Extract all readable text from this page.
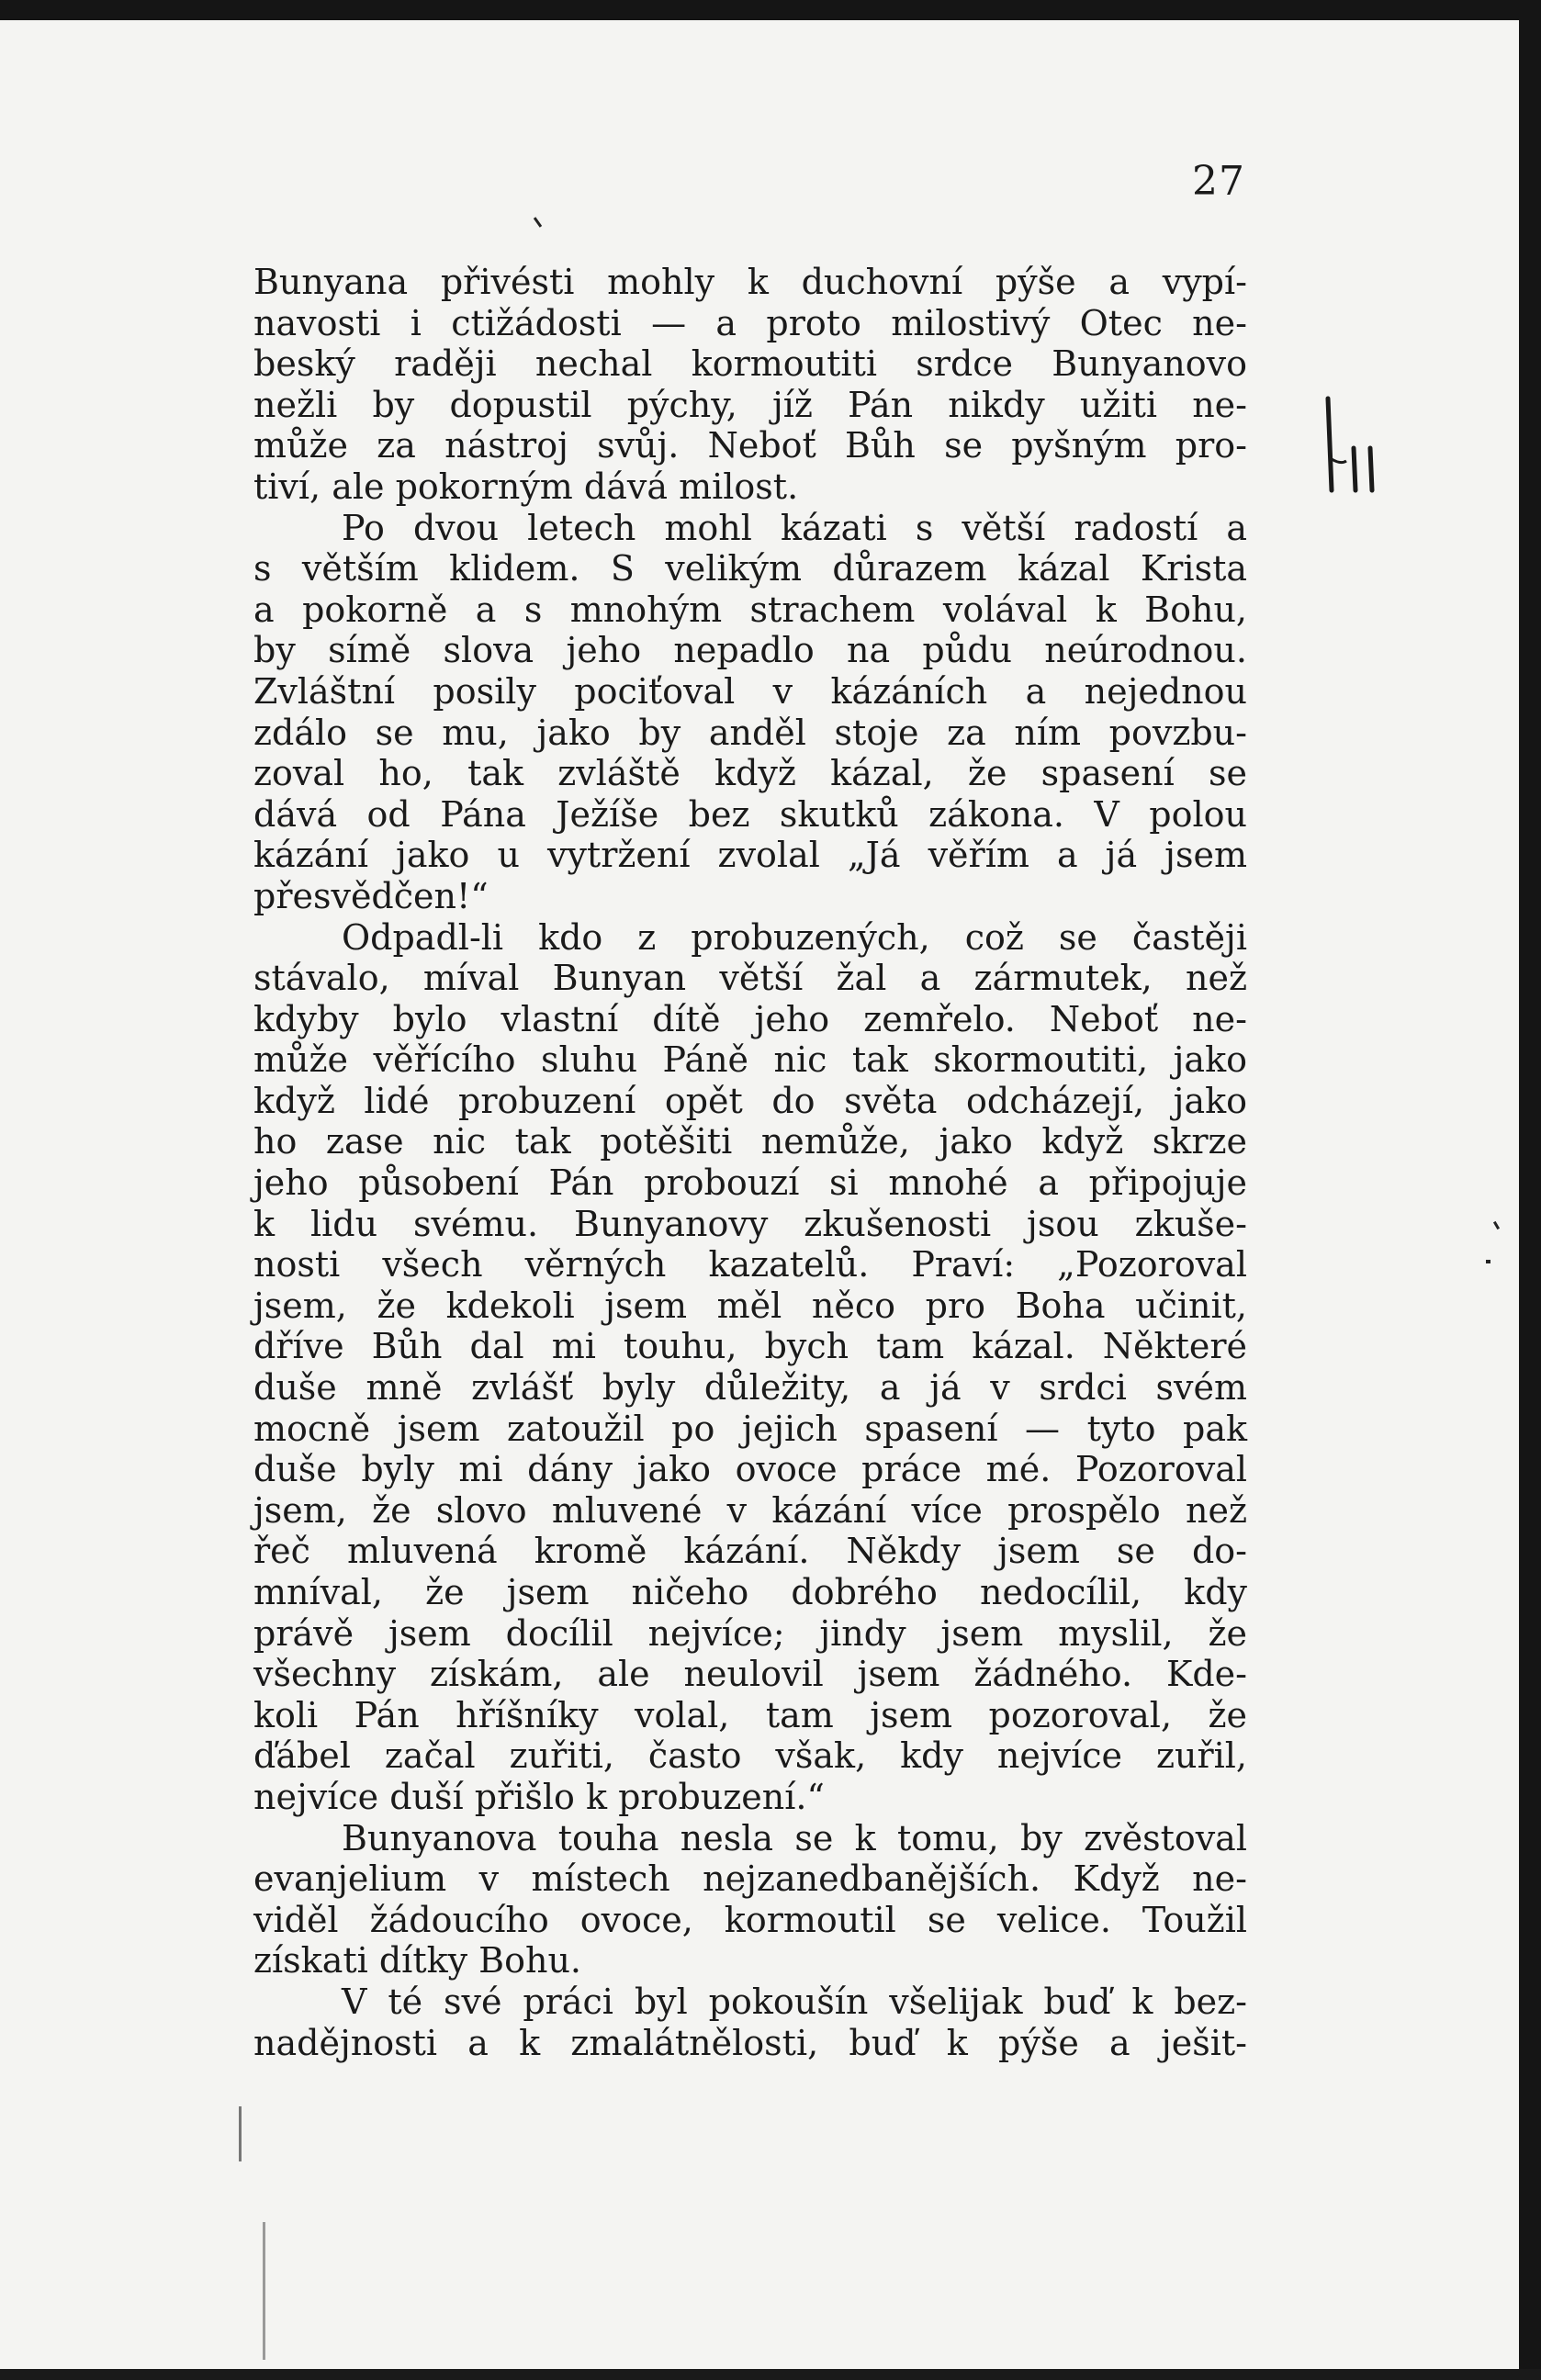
27
Bunyana přivésti mohly k duchovní pýše a vypí-
navosti i ctižádosti — a proto milostivý Otec ne-
beský raději nechal kormoutiti srdce Bunyanovo
nežli by dopustil pýchy, jíž Pán nikdy užiti ne-
může za nástroj svůj. Neboť Bůh se pyšným pro-
tiví, ale pokorným dává milost.
Po dvou letech mohl kázati s větší radostí a
s větším klidem. S velikým důrazem kázal Krista
a pokorně a s mnohým strachem volával k Bohu,
by símě slova jeho nepadlo na půdu neúrodnou.
Zvláštní posily pociťoval v kázáních a nejednou
zdálo se mu, jako by anděl stoje za ním povzbu-
zoval ho, tak zvláště když kázal, že spasení se
dává od Pána Ježíše bez skutků zákona. V polou
kázání jako u vytržení zvolal „Já věřím a já jsem
přesvědčen!“
Odpadl-li kdo z probuzených, což se častěji
stávalo, míval Bunyan větší žal a zármutek, než
kdyby bylo vlastní dítě jeho zemřelo. Neboť ne-
může věřícího sluhu Páně nic tak skormoutiti, jako
když lidé probuzení opět do světa odcházejí, jako
ho zase nic tak potěšiti nemůže, jako když skrze
jeho působení Pán probouzí si mnohé a připojuje
k lidu svému. Bunyanovy zkušenosti jsou zkuše-
nosti všech věrných kazatelů. Praví: „Pozoroval
jsem, že kdekoli jsem měl něco pro Boha učinit,
dříve Bůh dal mi touhu, bych tam kázal. Některé
duše mně zvlášť byly důležity, a já v srdci svém
mocně jsem zatoužil po jejich spasení — tyto pak
duše byly mi dány jako ovoce práce mé. Pozoroval
jsem, že slovo mluvené v kázání více prospělo než
řeč mluvená kromě kázání. Někdy jsem se do-
mníval, že jsem ničeho dobrého nedocílil, kdy
právě jsem docílil nejvíce; jindy jsem myslil, že
všechny získám, ale neulovil jsem žádného. Kde-
koli Pán hříšníky volal, tam jsem pozoroval, že
ďábel začal zuřiti, často však, kdy nejvíce zuřil,
nejvíce duší přišlo k probuzení.“
Bunyanova touha nesla se k tomu, by zvěstoval
evanjelium v místech nejzanedbanějších. Když ne-
viděl žádoucího ovoce, kormoutil se velice. Toužil
získati dítky Bohu.
V té své práci byl pokoušín všelijak buď k bez-
nadějnosti a k zmalátnělosti, buď k pýše a ješit-
